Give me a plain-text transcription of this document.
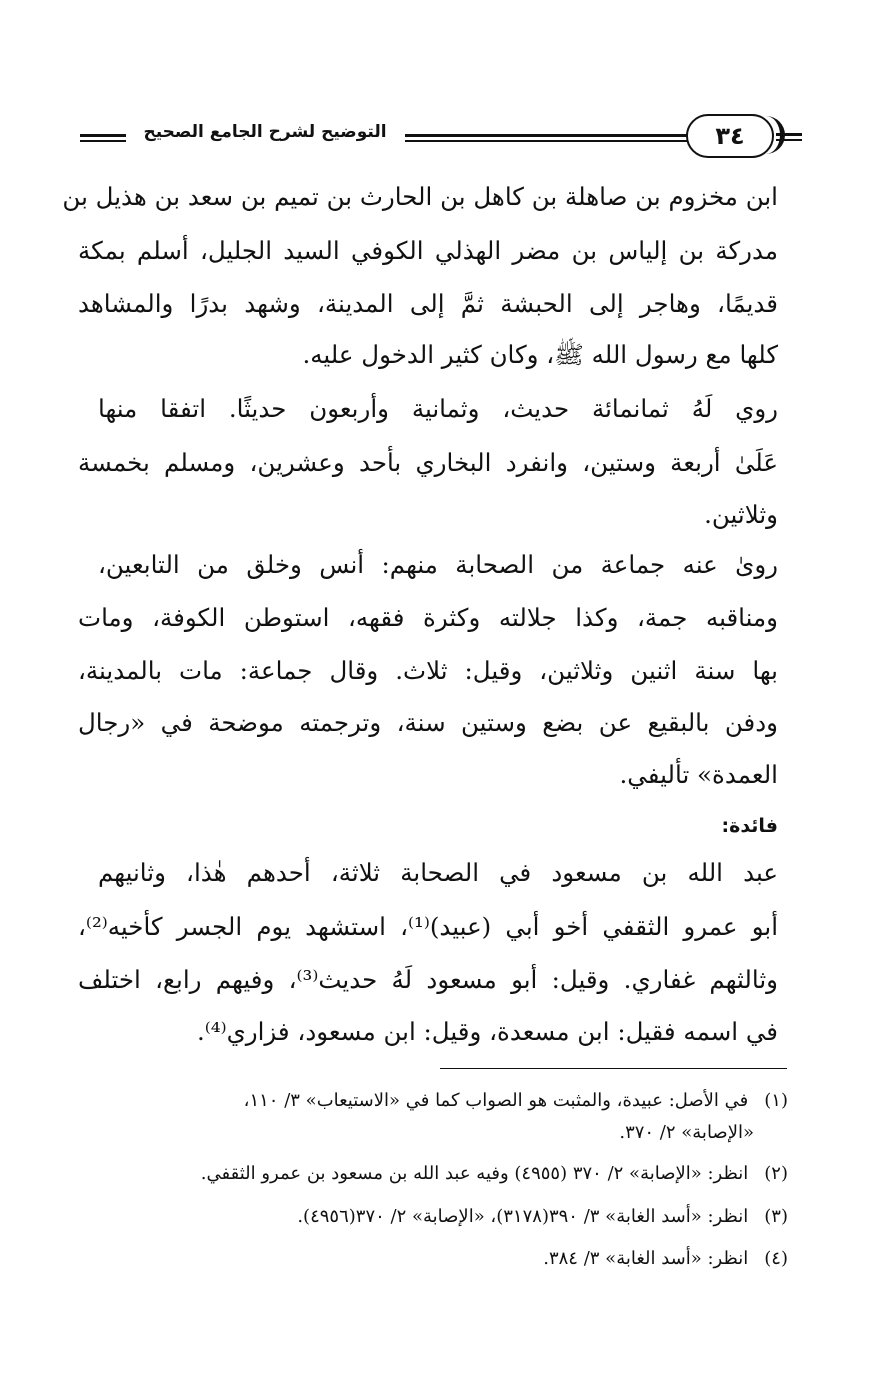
التوضيح لشرح الجامع الصحيح	٣٤
ابن مخزوم بن صاهلة بن كاهل بن الحارث بن تميم بن سعد بن هذيل بن
مدركة بن إلياس بن مضر الهذلي الكوفي السيد الجليل، أسلم بمكة
قديمًا، وهاجر إلى الحبشة ثمَّ إلى المدينة، وشهد بدرًا والمشاهد
كلها مع رسول الله ﷺ، وكان كثير الدخول عليه.
روي لَهُ ثمانمائة حديث، وثمانية وأربعون حديثًا. اتفقا منها
عَلَىٰ أربعة وستين، وانفرد البخاري بأحد وعشرين، ومسلم بخمسة
وثلاثين.
روىٰ عنه جماعة من الصحابة منهم: أنس وخلق من التابعين،
ومناقبه جمة، وكذا جلالته وكثرة فقهه، استوطن الكوفة، ومات
بها سنة اثنين وثلاثين، وقيل: ثلاث. وقال جماعة: مات بالمدينة،
ودفن بالبقيع عن بضع وستين سنة، وترجمته موضحة في «رجال
العمدة» تأليفي.
فائدة:
عبد الله بن مسعود في الصحابة ثلاثة، أحدهم هٰذا، وثانيهم
أبو عمرو الثقفي أخو أبي (عبيد)⁽¹⁾، استشهد يوم الجسر كأخيه⁽²⁾،
وثالثهم غفاري. وقيل: أبو مسعود لَهُ حديث⁽³⁾، وفيهم رابع، اختلف
في اسمه فقيل: ابن مسعدة، وقيل: ابن مسعود، فزاري⁽⁴⁾.
(١) في الأصل: عبيدة، والمثبت هو الصواب كما في «الاستيعاب» ٣/ ١١٠،
«الإصابة» ٢/ ٣٧٠.
(٢) انظر: «الإصابة» ٢/ ٣٧٠ (٤٩٥٥) وفيه عبد الله بن مسعود بن عمرو الثقفي.
(٣) انظر: «أسد الغابة» ٣/ ٣٩٠(٣١٧٨)، «الإصابة» ٢/ ٣٧٠(٤٩٥٦).
(٤) انظر: «أسد الغابة» ٣/ ٣٨٤.
